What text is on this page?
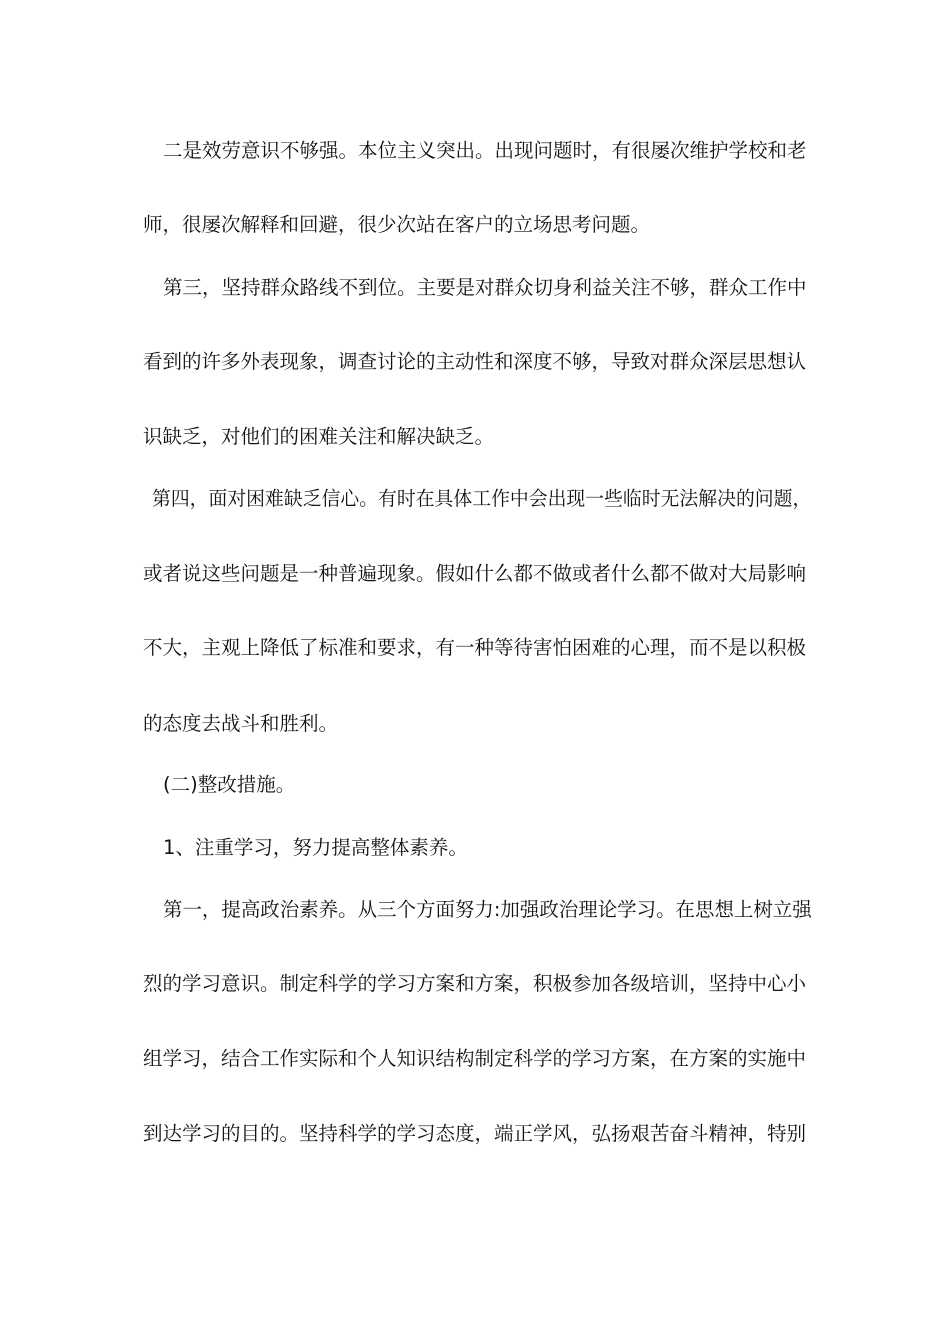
二是效劳意识不够强。本位主义突出。出现问题时，有很屡次维护学校和老
师，很屡次解释和回避，很少次站在客户的立场思考问题。
第三，坚持群众路线不到位。主要是对群众切身利益关注不够，群众工作中
看到的许多外表现象，调查讨论的主动性和深度不够，导致对群众深层思想认
识缺乏，对他们的困难关注和解决缺乏。
第四，面对困难缺乏信心。有时在具体工作中会出现一些临时无法解决的问题，
或者说这些问题是一种普遍现象。假如什么都不做或者什么都不做对大局影响
不大，主观上降低了标准和要求，有一种等待害怕困难的心理，而不是以积极
的态度去战斗和胜利。
(二)整改措施。
1、注重学习，努力提高整体素养。
第一，提高政治素养。从三个方面努力:加强政治理论学习。在思想上树立强
烈的学习意识。制定科学的学习方案和方案，积极参加各级培训，坚持中心小
组学习，结合工作实际和个人知识结构制定科学的学习方案，在方案的实施中
到达学习的目的。坚持科学的学习态度，端正学风，弘扬艰苦奋斗精神，特别
